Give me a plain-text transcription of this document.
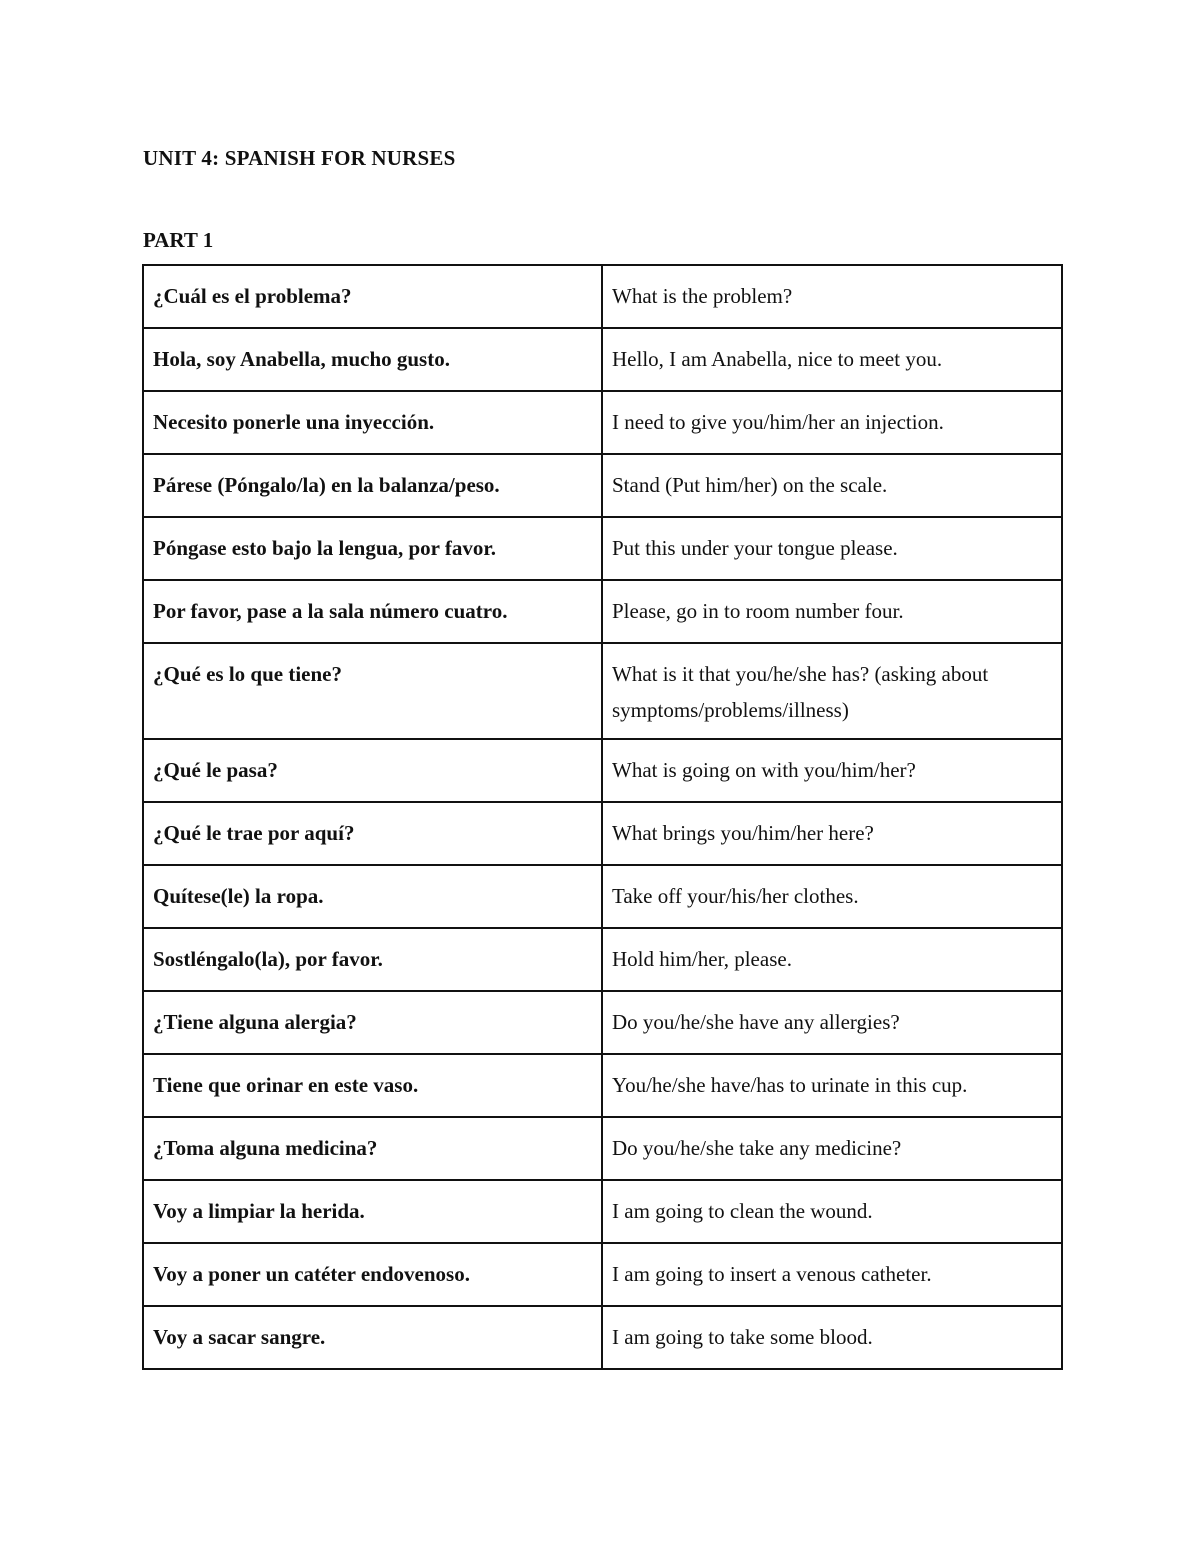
UNIT 4: SPANISH FOR NURSES
PART 1
¿Cuál es el problema?	What is the problem?
Hola, soy Anabella, mucho gusto.	Hello, I am Anabella, nice to meet you.
Necesito ponerle una inyección.	I need to give you/him/her an injection.
Párese (Póngalo/la) en la balanza/peso.	Stand (Put him/her) on the scale.
Póngase esto bajo la lengua, por favor.	Put this under your tongue please.
Por favor, pase a la sala número cuatro.	Please, go in to room number four.
¿Qué es lo que tiene?	What is it that you/he/she has? (asking about symptoms/problems/illness)
¿Qué le pasa?	What is going on with you/him/her?
¿Qué le trae por aquí?	What brings you/him/her here?
Quítese(le) la ropa.	Take off your/his/her clothes.
Sostléngalo(la), por favor.	Hold him/her, please.
¿Tiene alguna alergia?	Do you/he/she have any allergies?
Tiene que orinar en este vaso.	You/he/she have/has to urinate in this cup.
¿Toma alguna medicina?	Do you/he/she take any medicine?
Voy a limpiar la herida.	I am going to clean the wound.
Voy a poner un catéter endovenoso.	I am going to insert a venous catheter.
Voy a sacar sangre.	I am going to take some blood.
